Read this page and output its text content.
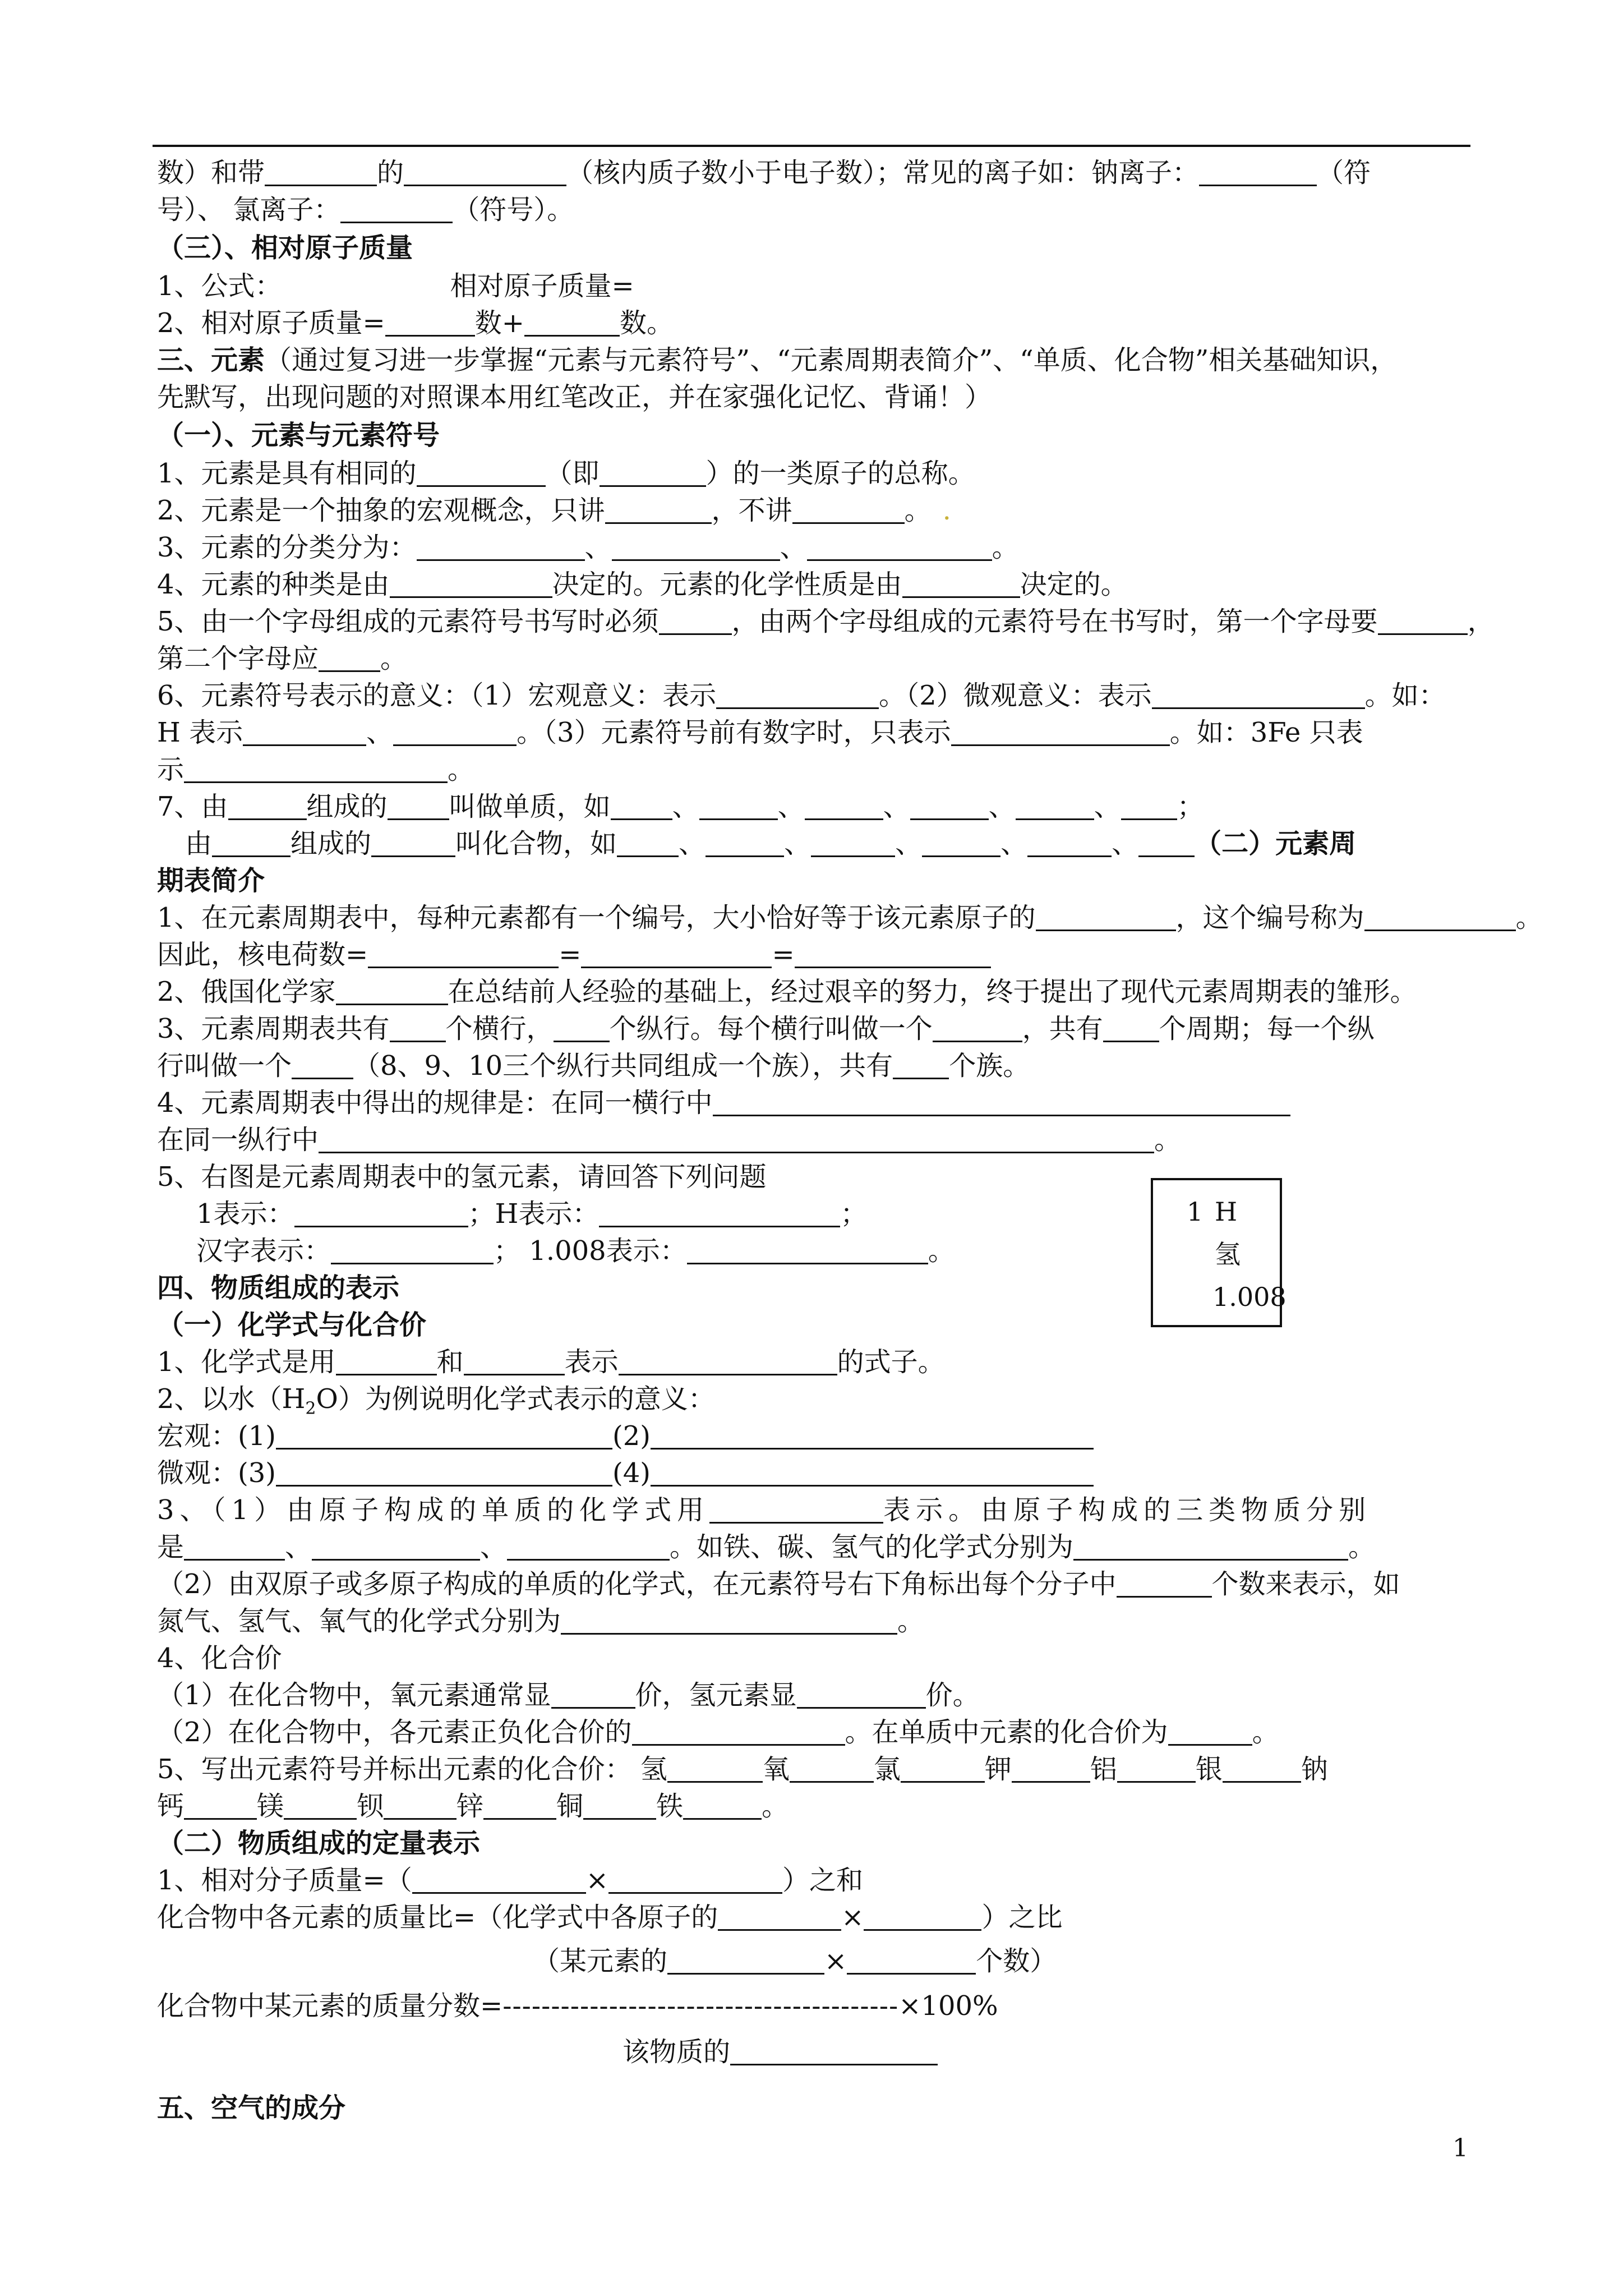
数）和带	的	（核内质子数小于电子数）；常见的离子如：钠离子：	（符
号）、 氯离子：	（符号）。
（三）、相对原子质量
1、公式：	相对原子质量=
2、相对原子质量=	数+	数。
三、元素（通过复习进一步掌握“元素与元素符号”、“元素周期表简介”、“单质、化合物”相关基础知识，
先默写，出现问题的对照课本用红笔改正，并在家强化记忆、背诵！）
（一）、元素与元素符号
1、元素是具有相同的	（即	）的一类原子的总称。
2、元素是一个抽象的宏观概念，只讲	，不讲	。 .
3、元素的分类分为：	、	、	。
4、元素的种类是由	决定的。元素的化学性质是由	决定的。
5、由一个字母组成的元素符号书写时必须	，由两个字母组成的元素符号在书写时，第一个字母要	，
第二个字母应 。
6、元素符号表示的意义：（1）宏观意义：表示	。（2）微观意义：表示	。如：
H 表示	、	。（3）元素符号前有数字时，只表示	。如：3Fe 只表
示	。
7、由	组成的 叫做单质，如 、	、	、	、	、 ；
由	组成的	叫化合物，如 、	、	、	、	、 （二）元素周
期表简介
1、在元素周期表中，每种元素都有一个编号，大小恰好等于该元素原子的	，这个编号称为	。
因此，核电荷数=	=	=
2、俄国化学家	在总结前人经验的基础上，经过艰辛的努力，终于提出了现代元素周期表的雏形。
3、元素周期表共有 个横行， 个纵行。每个横行叫做一个	，共有 个周期；每一个纵
行叫做一个 （8、9、10三个纵行共同组成一个族），共有 个族。
4、元素周期表中得出的规律是：在同一横行中
在同一纵行中	。
5、右图是元素周期表中的氢元素，请回答下列问题
1表示：	；H表示：	；
汉字表示：	； 1.008表示：	。
1 H
氢
1.008
四、物质组成的表示
（一）化学式与化合价
1、化学式是用	和	表示	的式子。
2、以水$(H_2O)$为例说明化学式表示的意义：
宏观：(1)	(2)
微观：(3)	(4)
3、（1）由原子构成的单质的化学式用	表示。由原子构成的三类物质分别
是	、	、	。如铁、碳、氢气的化学式分别为	。
（2）由双原子或多原子构成的单质的化学式，在元素符号右下角标出每个分子中	个数来表示，如
氮气、氢气、氧气的化学式分别为	。
4、化合价
（1）在化合物中，氧元素通常显	价，氢元素显	价。
（2）在化合物中，各元素正负化合价的	。在单质中元素的化合价为	。
5、写出元素符号并标出元素的化合价： 氢	氧	氯	钾	铝	银	钠
钙	镁	钡	锌	铜	铁	。
（二）物质组成的定量表示
1、相对分子质量=（	×	）之和
化合物中各元素的质量比=（化学式中各原子的	×	）之比
（某元素的	×	个数）
化合物中某元素的质量分数=-----------------------------------------×100%
该物质的
五、空气的成分
1
